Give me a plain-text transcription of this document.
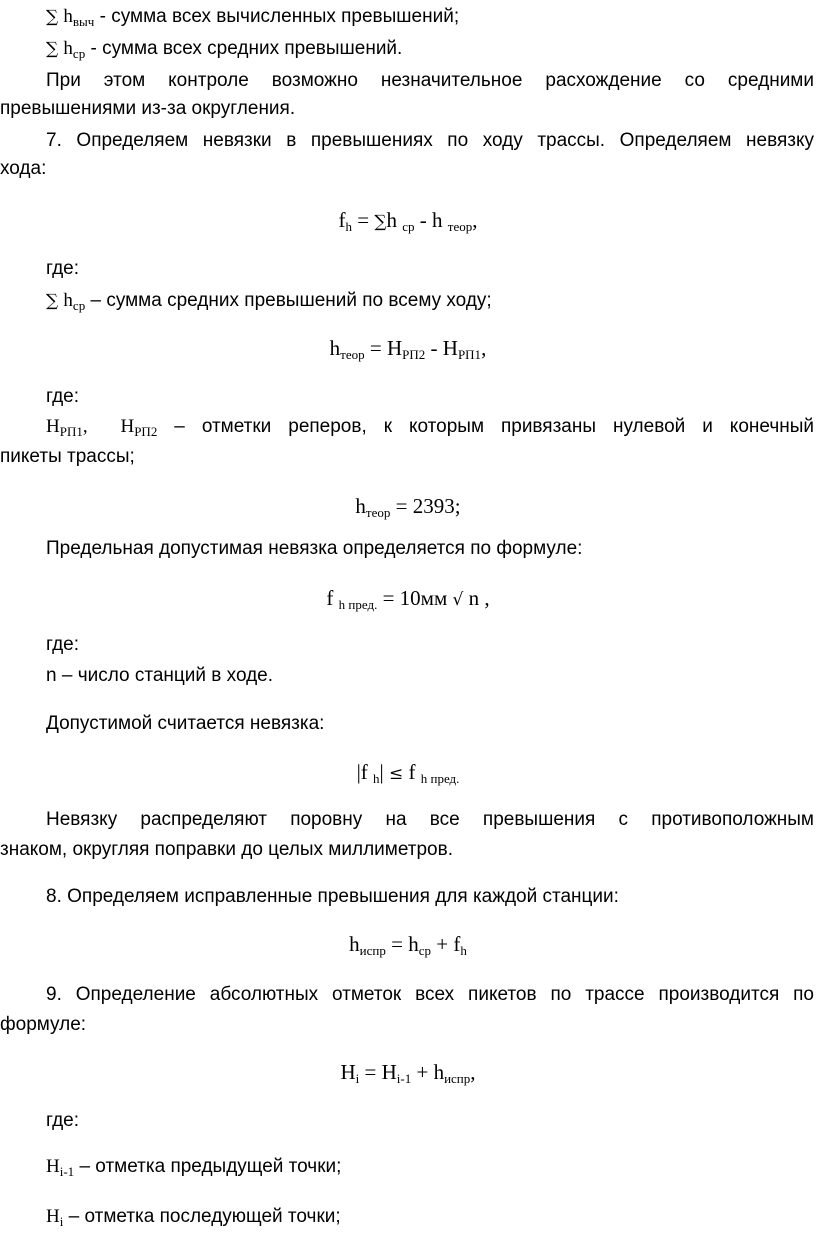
∑ $h_{выч}$ - сумма всех вычисленных превышений;
∑ $h_{ср}$ - сумма всех средних превышений.
При этом контроле возможно незначительное расхождение со средними
превышениями из-за округления.
7. Определяем невязки в превышениях по ходу трассы. Определяем невязку
хода:
$f_h = \sum h$ $_{ср}$ - h $_{теор}$,
где:
∑ $h_{ср}$ – сумма средних превышений по всему ходу;
$h_{теор} = H_{РП2} - H_{РП1}$,
где:
$H_{РП1}$,  $H_{РП2}$ – отметки реперов, к которым привязаны нулевой и конечный
пикеты трассы;
$h_{теор} = 2393$;
Предельная допустимая невязка определяется по формуле:
f $_{h пред.}$ = 10мм √ n ,
где:
n – число станций в ходе.
Допустимой считается невязка:
|f $_h$| ≤ f $_{h пред.}$
Невязку распределяют поровну на все превышения с противоположным
знаком, округляя поправки до целых миллиметров.
8. Определяем исправленные превышения для каждой станции:
$h_{испр} = h_{ср} + f_h$
9. Определение абсолютных отметок всех пикетов по трассе производится по
формуле:
$H_i = H_{i-1} + h_{испр}$,
где:
$H_{i-1}$ – отметка предыдущей точки;
$H_i$ – отметка последующей точки;
